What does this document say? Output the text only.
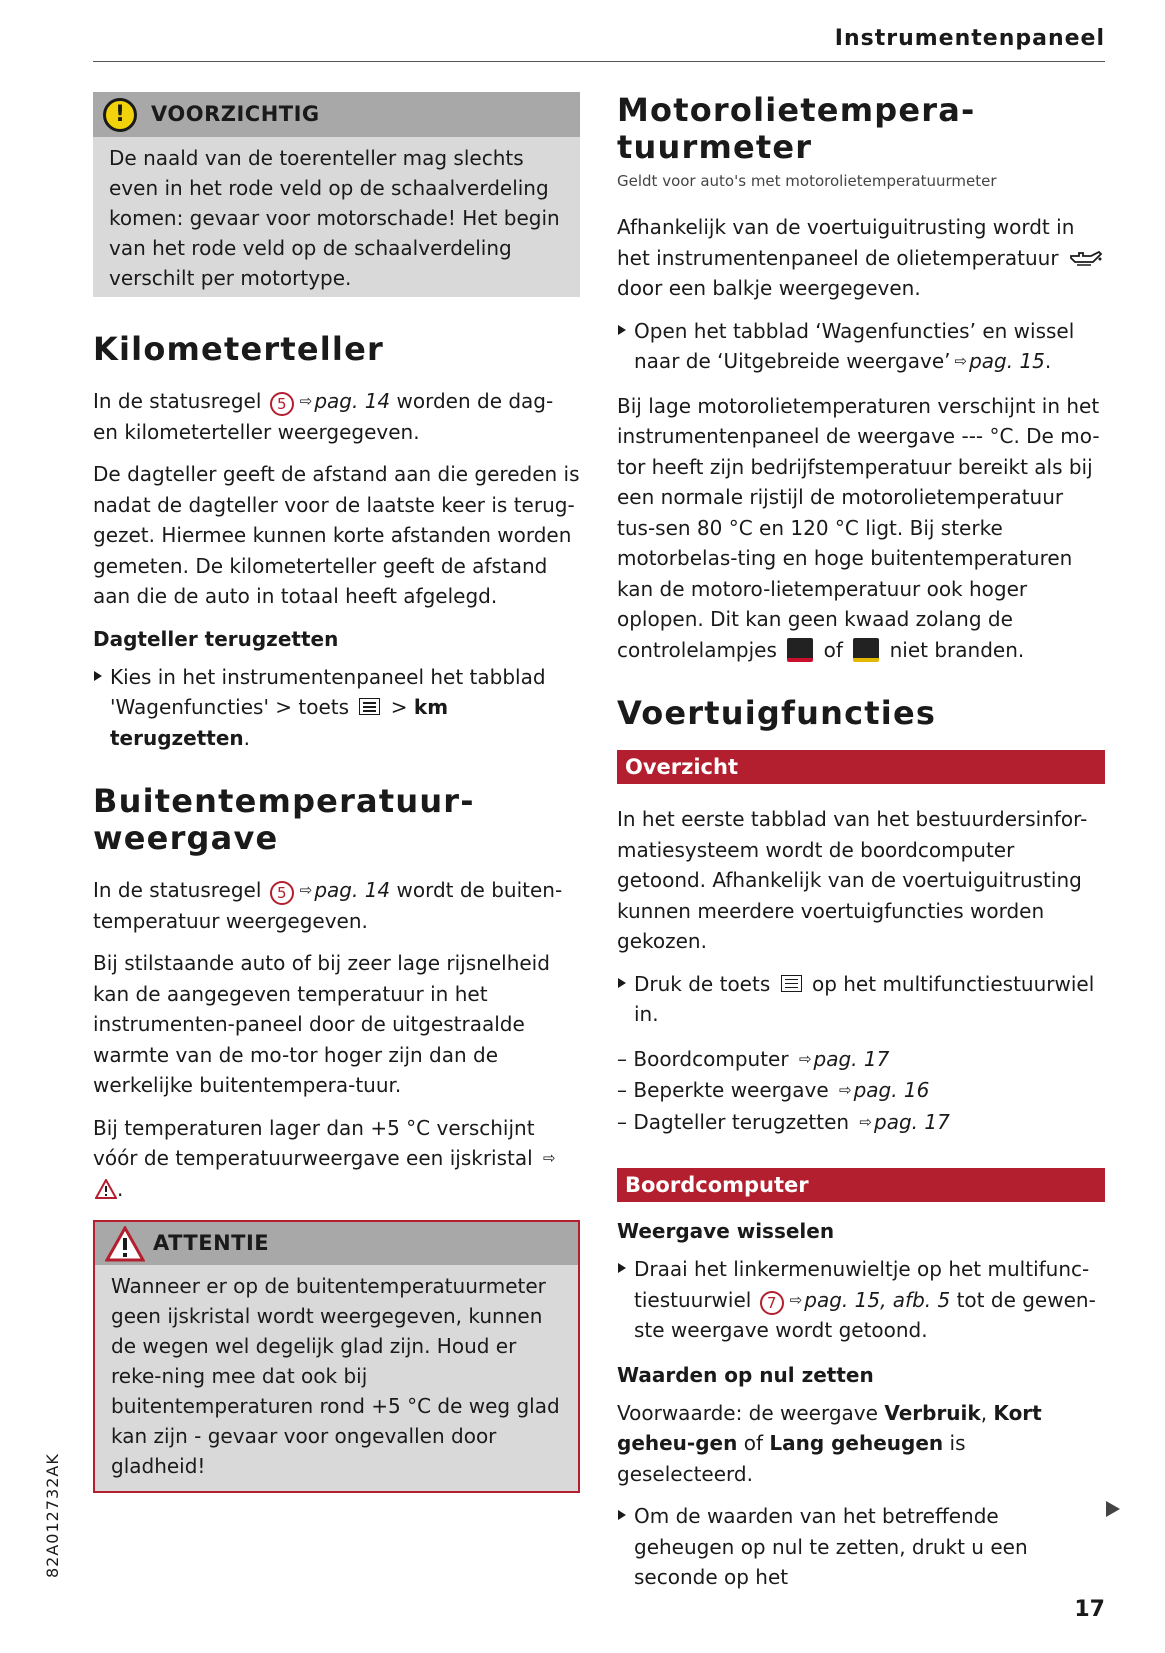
Instrumentenpaneel
!	VOORZICHTIG
De naald van de toerenteller mag slechts even in het rode veld op de schaalverdeling komen: gevaar voor motorschade! Het begin van het rode veld op de schaalverdeling verschilt per motortype.
Kilometerteller

In de statusregel 5 ⇨ pag. 14 worden de dag- en kilometerteller weergegeven.

De dagteller geeft de afstand aan die gereden is nadat de dagteller voor de laatste keer is terug-gezet. Hiermee kunnen korte afstanden worden gemeten. De kilometerteller geeft de afstand aan die de auto in totaal heeft afgelegd.

Dagteller terugzetten
Kies in het instrumentenpaneel het tabblad 'Wagenfuncties' > toets > km terugzetten.
Buitentemperatuur-weergave

In de statusregel 5 ⇨ pag. 14 wordt de buiten-temperatuur weergegeven.

Bij stilstaande auto of bij zeer lage rijsnelheid kan de aangegeven temperatuur in het instrumenten-paneel door de uitgestraalde warmte van de mo-tor hoger zijn dan de werkelijke buitentempera-tuur.

Bij temperaturen lager dan +5 °C verschijnt vóór de temperatuurweergave een ijskristal ⇨.

ATTENTIE
Wanneer er op de buitentemperatuurmeter geen ijskristal wordt weergegeven, kunnen de wegen wel degelijk glad zijn. Houd er reke-ning mee dat ook bij buitentemperaturen rond +5 °C de weg glad kan zijn - gevaar voor ongevallen door gladheid!
Motorolietempera-tuurmeter
Geldt voor auto's met motorolietemperatuurmeter

Afhankelijk van de voertuiguitrusting wordt in het instrumentenpaneel de olietemperatuur  door een balkje weergegeven.

Open het tabblad ‘Wagenfuncties’ en wissel naar de ‘Uitgebreide weergave’ ⇨ pag. 15.

Bij lage motorolietemperaturen verschijnt in het instrumentenpaneel de weergave --- °C. De mo-tor heeft zijn bedrijfstemperatuur bereikt als bij een normale rijstijl de motorolietemperatuur tus-sen 80 °C en 120 °C ligt. Bij sterke motorbelas-ting en hoge buitentemperaturen kan de motoro-lietemperatuur ook hoger oplopen. Dit kan geen kwaad zolang de controlelampjes of niet branden.

Voertuigfuncties
Overzicht

In het eerste tabblad van het bestuurdersinfor-matiesysteem wordt de boordcomputer getoond. Afhankelijk van de voertuiguitrusting kunnen meerdere voertuigfuncties worden gekozen.

Druk de toets op het multifunctiestuurwiel in.
– Boordcomputer ⇨ pag. 17
– Beperkte weergave ⇨ pag. 16
– Dagteller terugzetten ⇨ pag. 17
Boordcomputer
Weergave wisselen
Draai het linkermenuwieltje op het multifunc-tiestuurwiel 7 ⇨ pag. 15, afb. 5 tot de gewen-ste weergave wordt getoond.
Waarden op nul zetten

Voorwaarde: de weergave Verbruik, Kort geheu-gen of Lang geheugen is geselecteerd.

Om de waarden van het betreffende geheugen op nul te zetten, drukt u een seconde op het
82A012732AK
17
